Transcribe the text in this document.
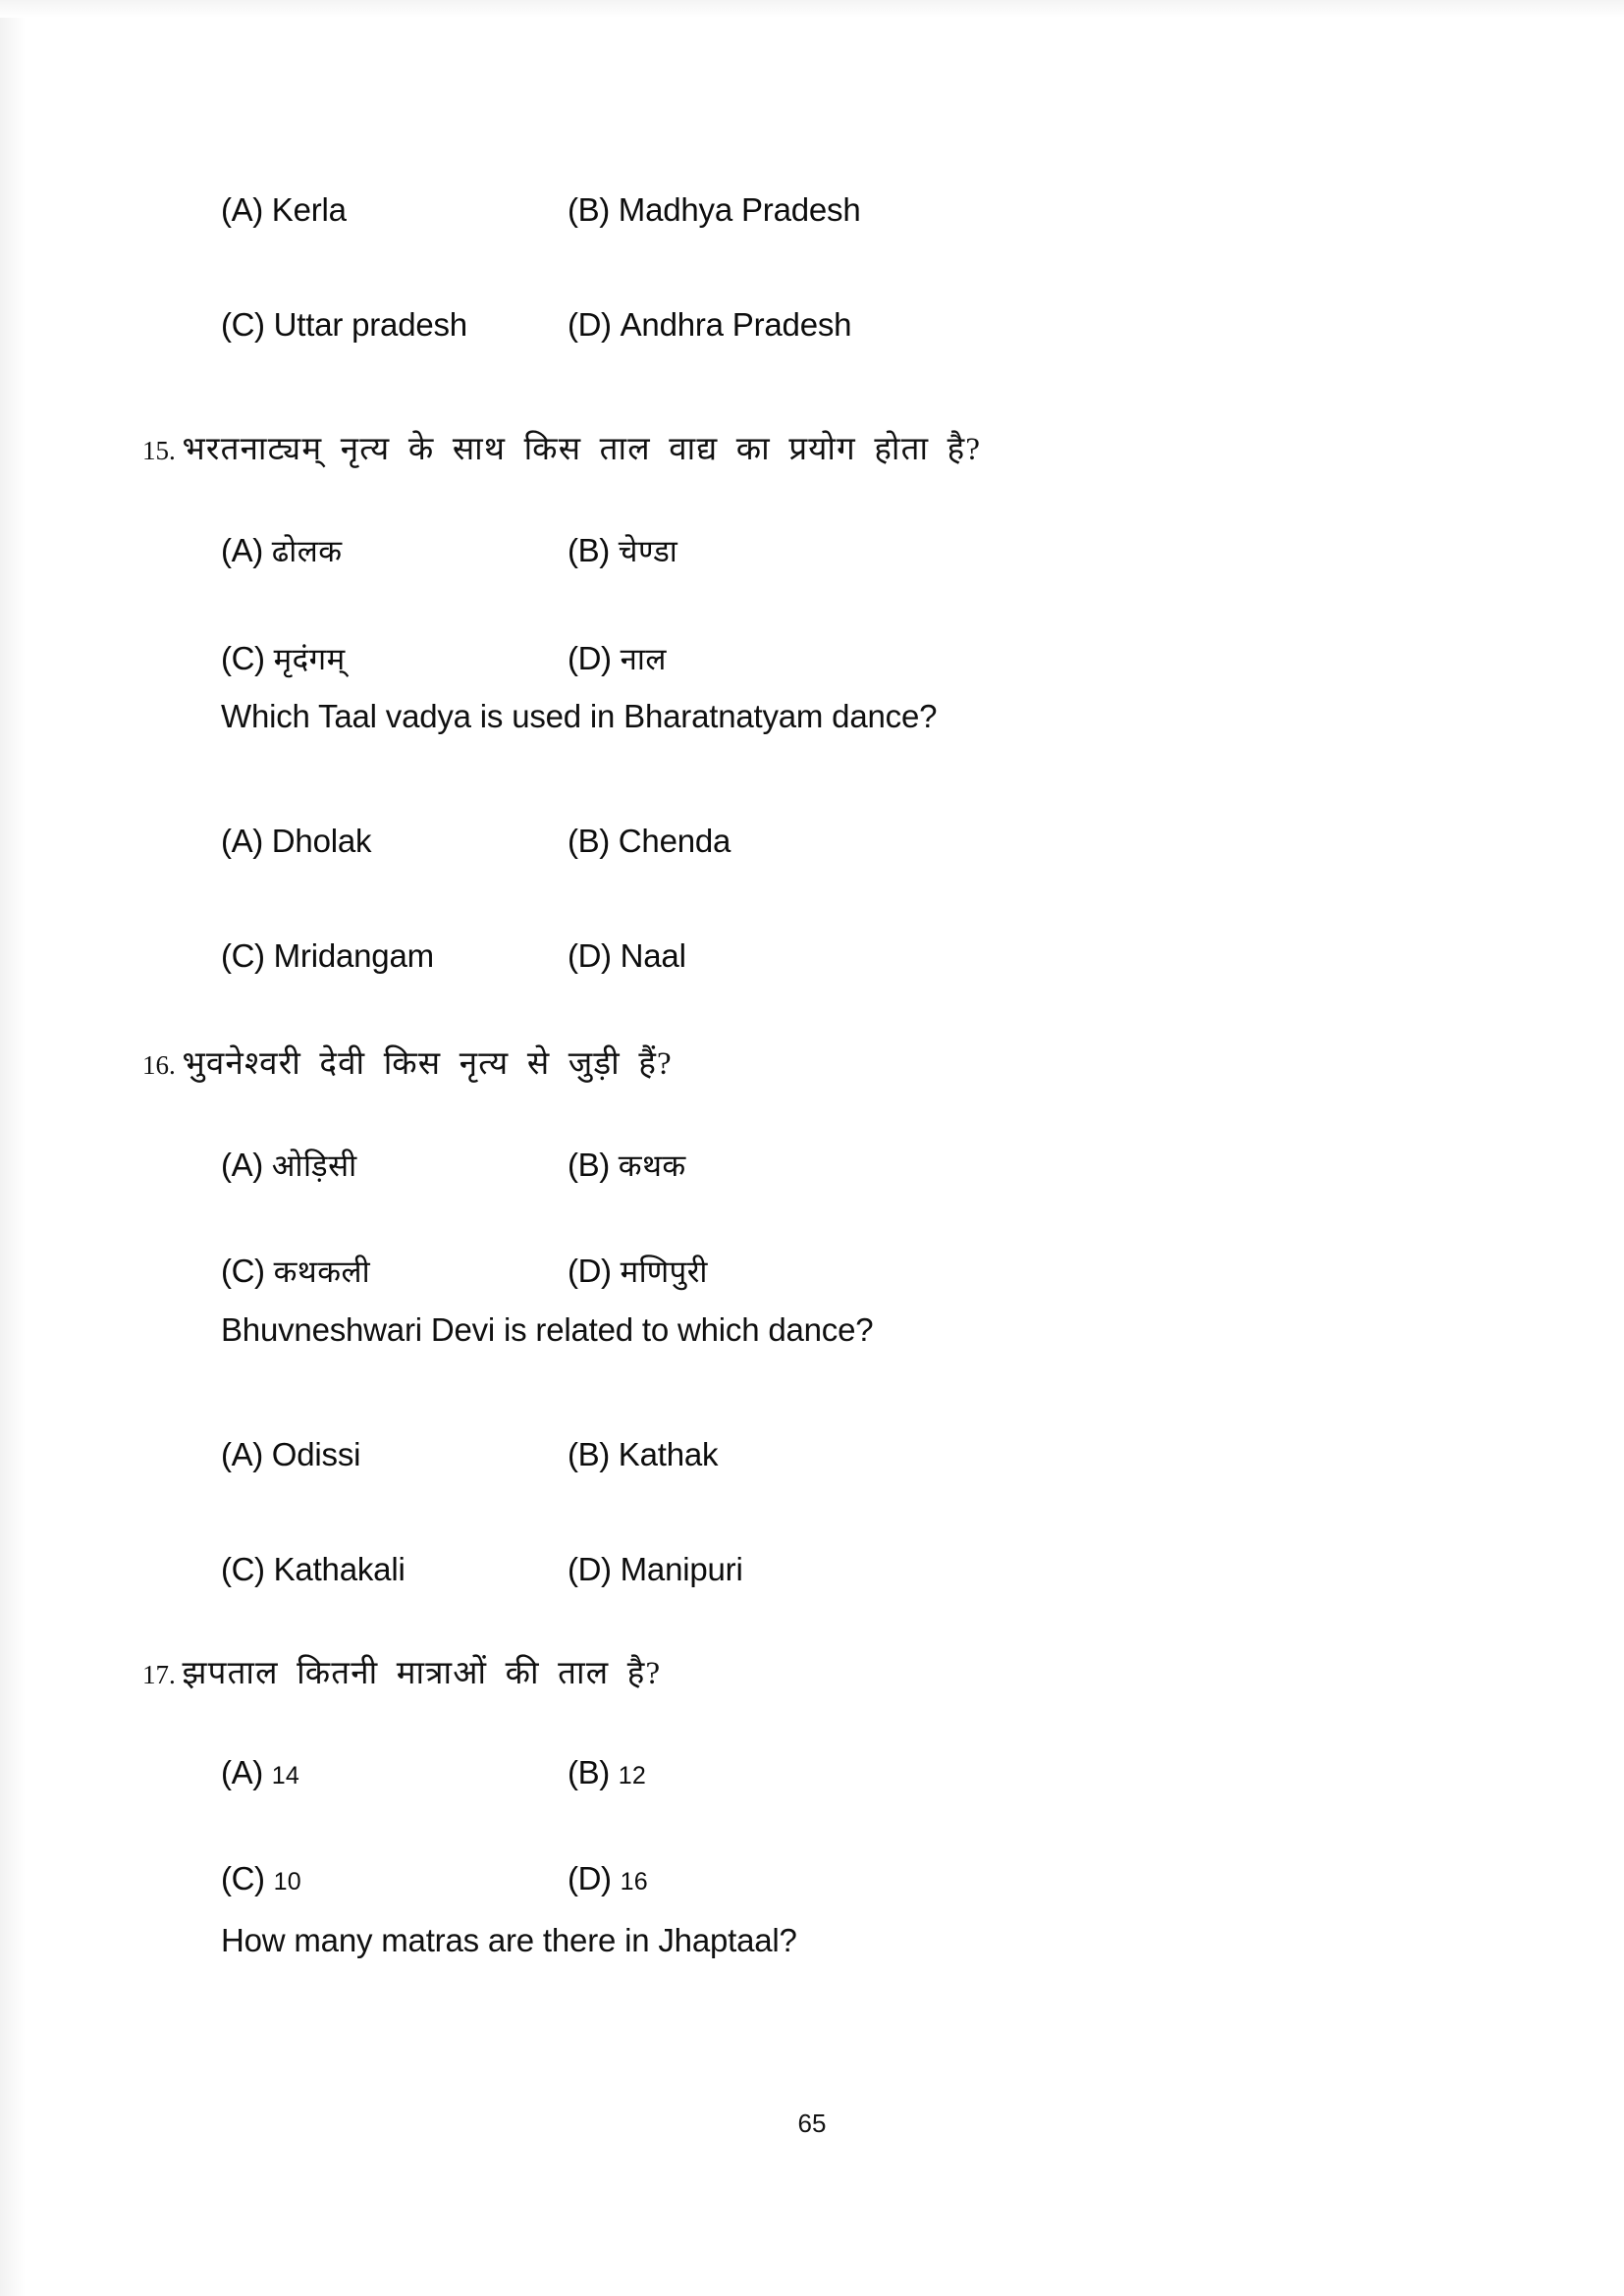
(A) Kerla	(B) Madhya Pradesh
(C) Uttar pradesh	(D) Andhra Pradesh
15. भरतनाट्यम् नृत्य के साथ किस ताल वाद्य का प्रयोग होता है?
(A) ढोलक	(B) चेण्डा
(C) मृदंगम्	(D) नाल
Which Taal vadya is used in Bharatnatyam dance?
(A) Dholak	(B) Chenda
(C) Mridangam	(D) Naal
16. भुवनेश्वरी देवी किस नृत्य से जुड़ी हैं?
(A) ओड़िसी	(B) कथक
(C) कथकली	(D) मणिपुरी
Bhuvneshwari Devi is related to which dance?
(A) Odissi	(B) Kathak
(C) Kathakali	(D) Manipuri
17. झपताल कितनी मात्राओं की ताल है?
(A) 14	(B) 12
(C) 10	(D) 16
How many matras are there in Jhaptaal?
65
